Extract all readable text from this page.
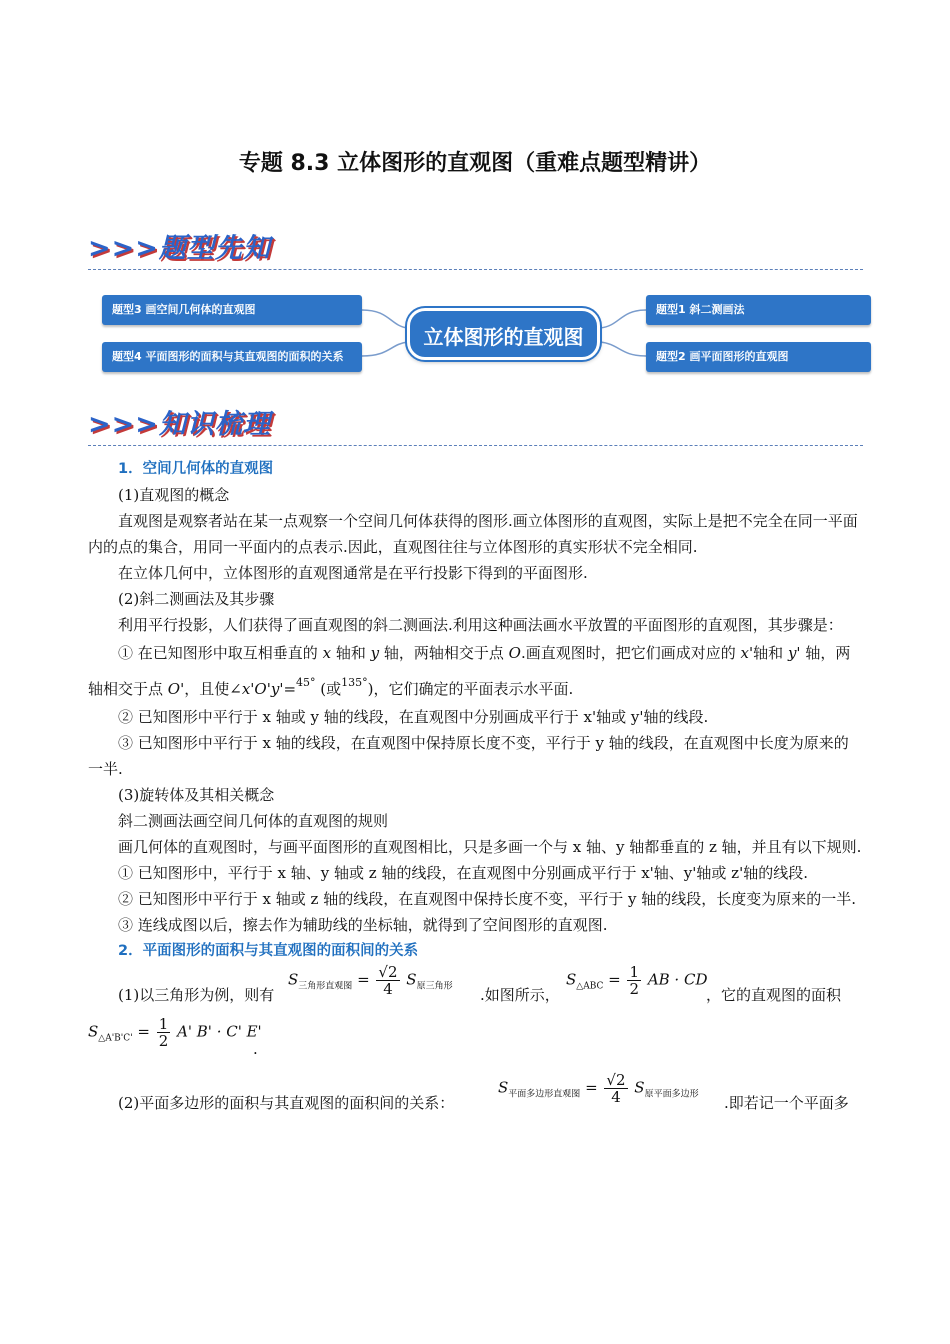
专题 8.3 立体图形的直观图（重难点题型精讲）
>>>题型先知
题型3 画空间几何体的直观图
题型4 平面图形的面积与其直观图的面积的关系
立体图形的直观图
题型1 斜二测画法
题型2 画平面图形的直观图
>>>知识梳理

1．空间几何体的直观图

(1)直观图的概念

直观图是观察者站在某一点观察一个空间几何体获得的图形.画立体图形的直观图，实际上是把不完全在同一平面内的点的集合，用同一平面内的点表示.因此，直观图往往与立体图形的真实形状不完全相同.

在立体几何中，立体图形的直观图通常是在平行投影下得到的平面图形.

(2)斜二测画法及其步骤

利用平行投影，人们获得了画直观图的斜二测画法.利用这种画法画水平放置的平面图形的直观图，其步骤是：

① 在已知图形中取互相垂直的 x 轴和 y 轴，两轴相交于点 O.画直观图时，把它们画成对应的 x'轴和 y' 轴，两轴相交于点 O'，且使∠x'O'y'=$^{45^\circ}$ (或$^{135^\circ}$)，它们确定的平面表示水平面.

② 已知图形中平行于 x 轴或 y 轴的线段，在直观图中分别画成平行于 x'轴或 y'轴的线段.

③ 已知图形中平行于 x 轴的线段，在直观图中保持原长度不变，平行于 y 轴的线段，在直观图中长度为原来的一半.

(3)旋转体及其相关概念

斜二测画法画空间几何体的直观图的规则

画几何体的直观图时，与画平面图形的直观图相比，只是多画一个与 x 轴、y 轴都垂直的 z 轴，并且有以下规则.

① 已知图形中，平行于 x 轴、y 轴或 z 轴的线段，在直观图中分别画成平行于 x'轴、y'轴或 z'轴的线段.

② 已知图形中平行于 x 轴或 z 轴的线段，在直观图中保持长度不变，平行于 y 轴的线段，长度变为原来的一半.

③ 连线成图以后，擦去作为辅助线的坐标轴，就得到了空间图形的直观图.

2．平面图形的面积与其直观图的面积间的关系

(1)以三角形为例，则有
$S_{三角形直观图} = \frac{√2}{4} S_{原三角形}$ .如图所示，
$S_{\triangle ABC} = \frac{1}{2}$ AB · CD
，它的直观图的面积
$S_{\triangle A'B'C'} = \frac{1}{2} A'$ B' · C' E'
.
(2)平面多边形的面积与其直观图的面积间的关系：
$S_{平面多边形直观图} = \frac{√2}{4} S_{原平面多边形}$ .即若记一个平面多
